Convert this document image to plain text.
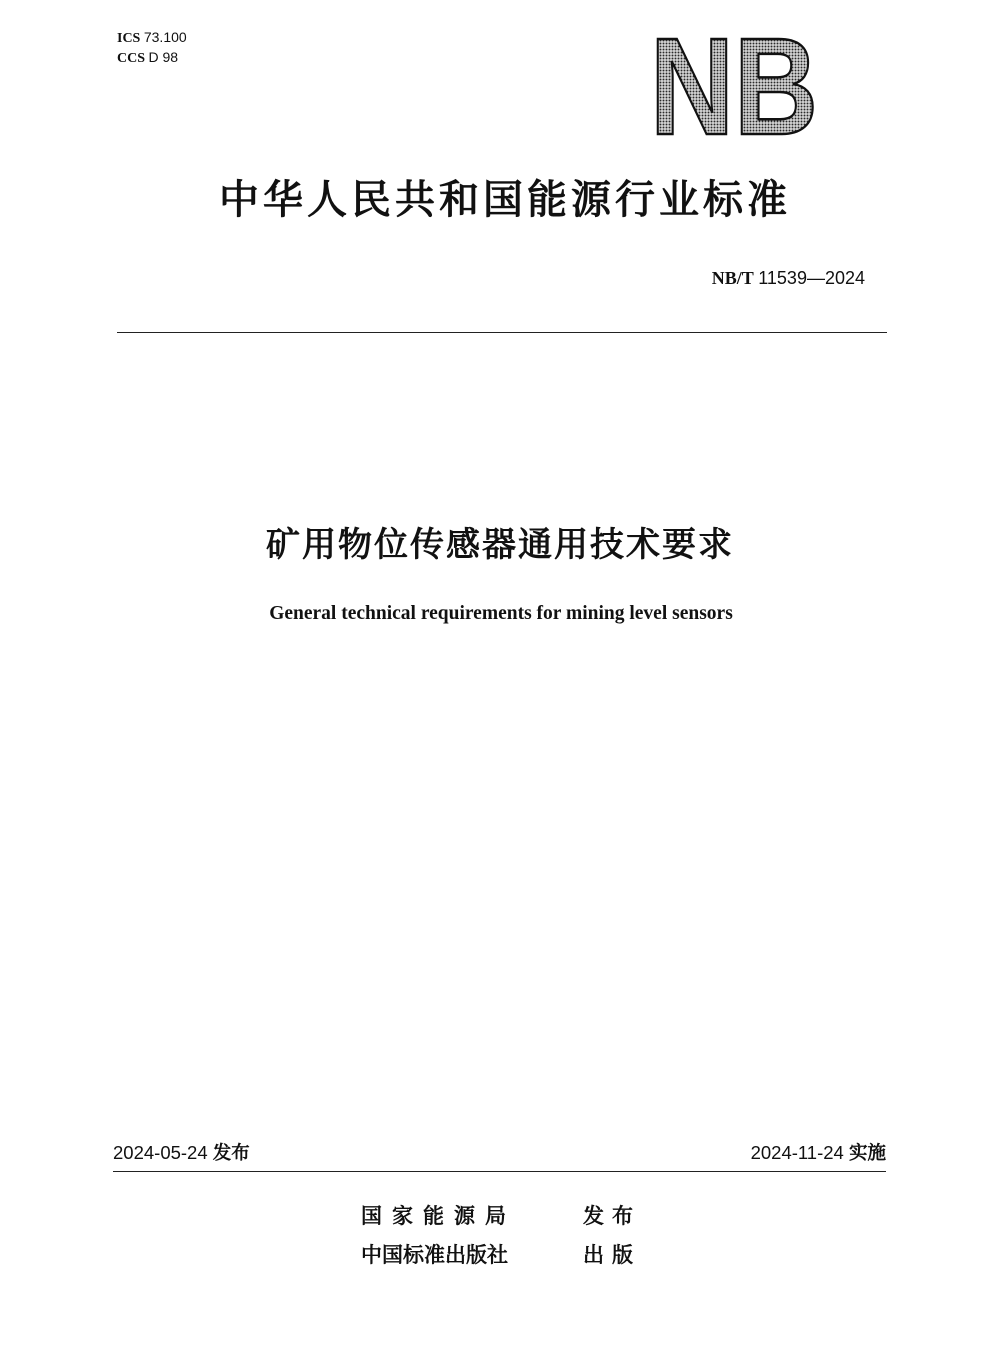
ICS 73.100
CCS D 98	NB
中华人民共和国能源行业标准
NB/T 11539—2024
矿用物位传感器通用技术要求
General technical requirements for mining level sensors
2024-05-24 发布	2024-11-24 实施
国家能源局	发布
中国标准出版社	出版
